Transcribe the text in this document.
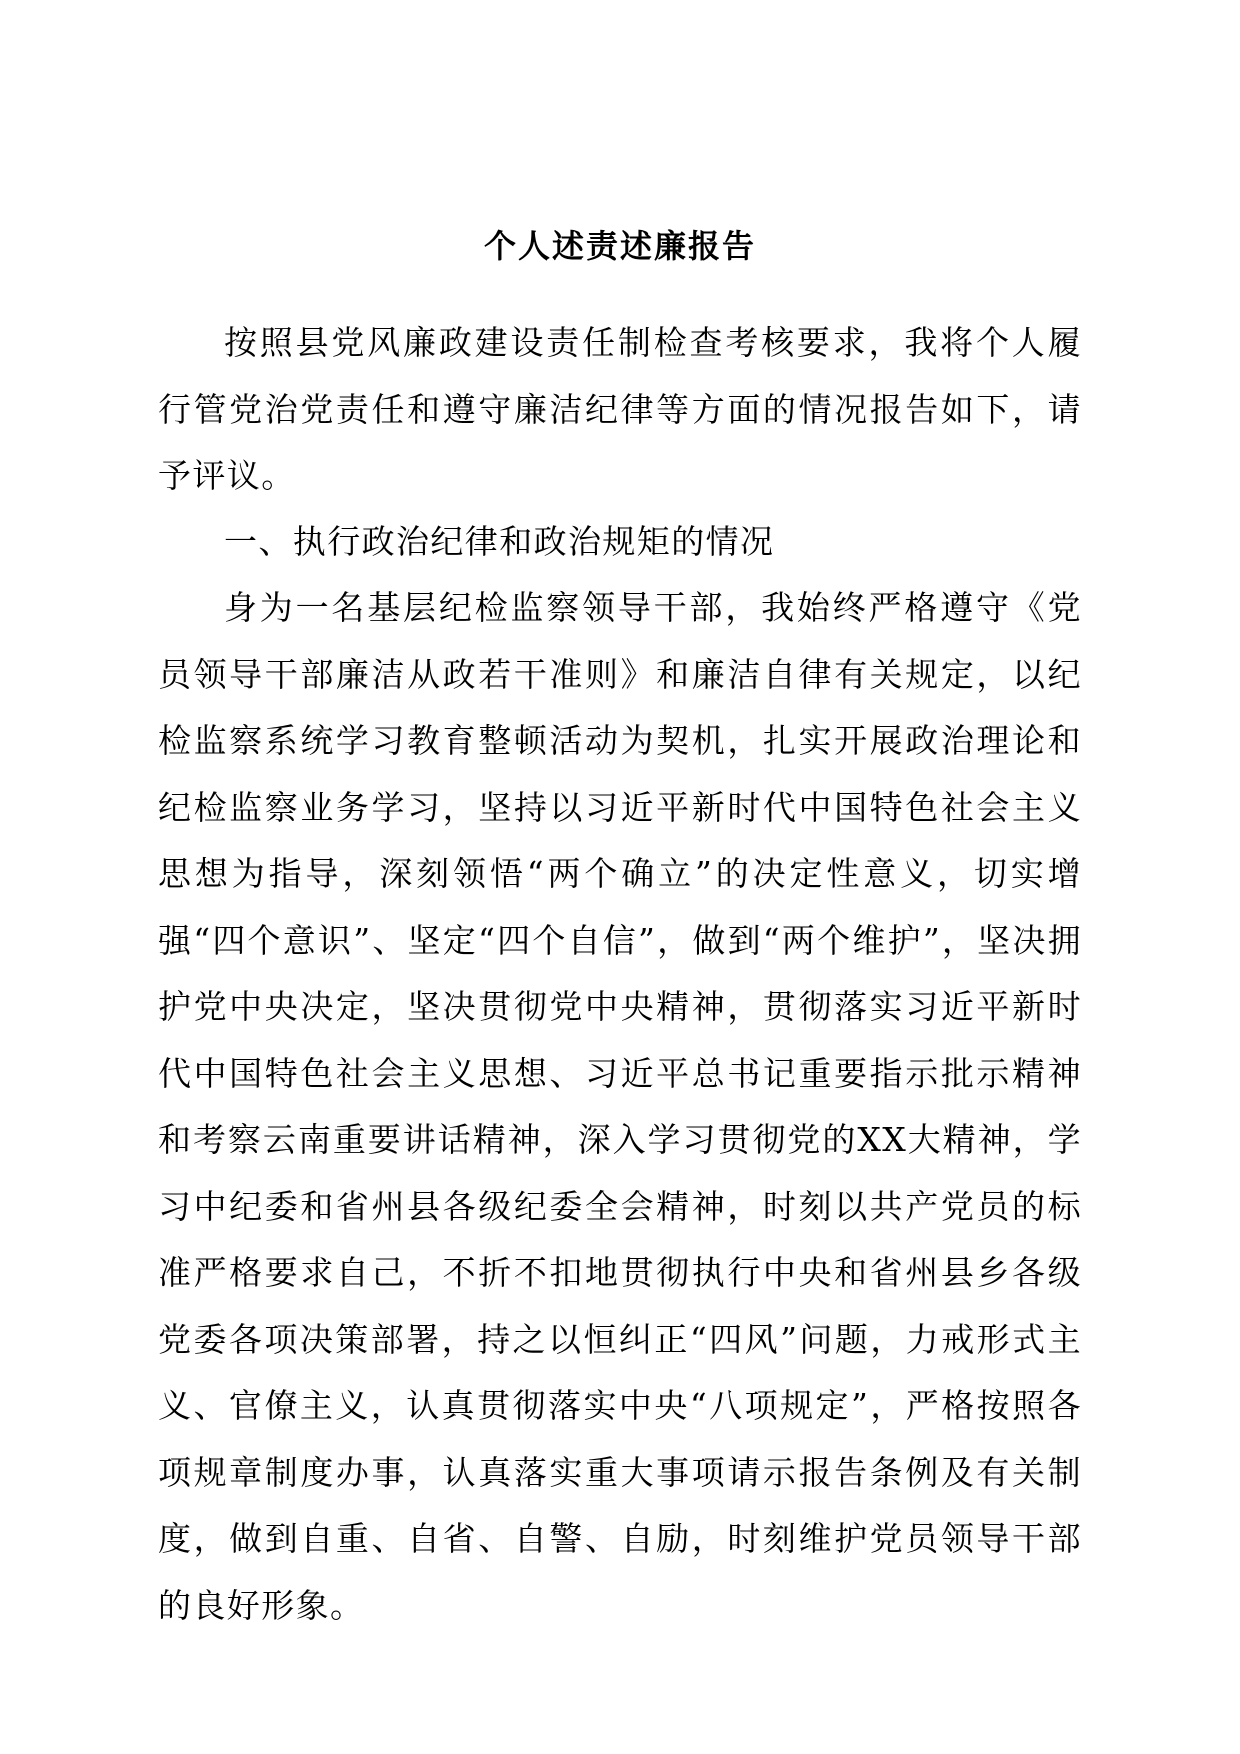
个人述责述廉报告

按照县党风廉政建设责任制检查考核要求，我将个人履行管党治党责任和遵守廉洁纪律等方面的情况报告如下，请予评议。

一、执行政治纪律和政治规矩的情况

身为一名基层纪检监察领导干部，我始终严格遵守《党员领导干部廉洁从政若干准则》和廉洁自律有关规定，以纪检监察系统学习教育整顿活动为契机，扎实开展政治理论和纪检监察业务学习，坚持以习近平新时代中国特色社会主义思想为指导，深刻领悟“两个确立”的决定性意义，切实增强“四个意识”、坚定“四个自信”，做到“两个维护”，坚决拥护党中央决定，坚决贯彻党中央精神，贯彻落实习近平新时代中国特色社会主义思想、习近平总书记重要指示批示精神和考察云南重要讲话精神，深入学习贯彻党的XX大精神，学习中纪委和省州县各级纪委全会精神，时刻以共产党员的标准严格要求自己，不折不扣地贯彻执行中央和省州县乡各级党委各项决策部署，持之以恒纠正“四风”问题，力戒形式主义、官僚主义，认真贯彻落实中央“八项规定”，严格按照各项规章制度办事，认真落实重大事项请示报告条例及有关制度，做到自重、自省、自警、自励，时刻维护党员领导干部的良好形象。
